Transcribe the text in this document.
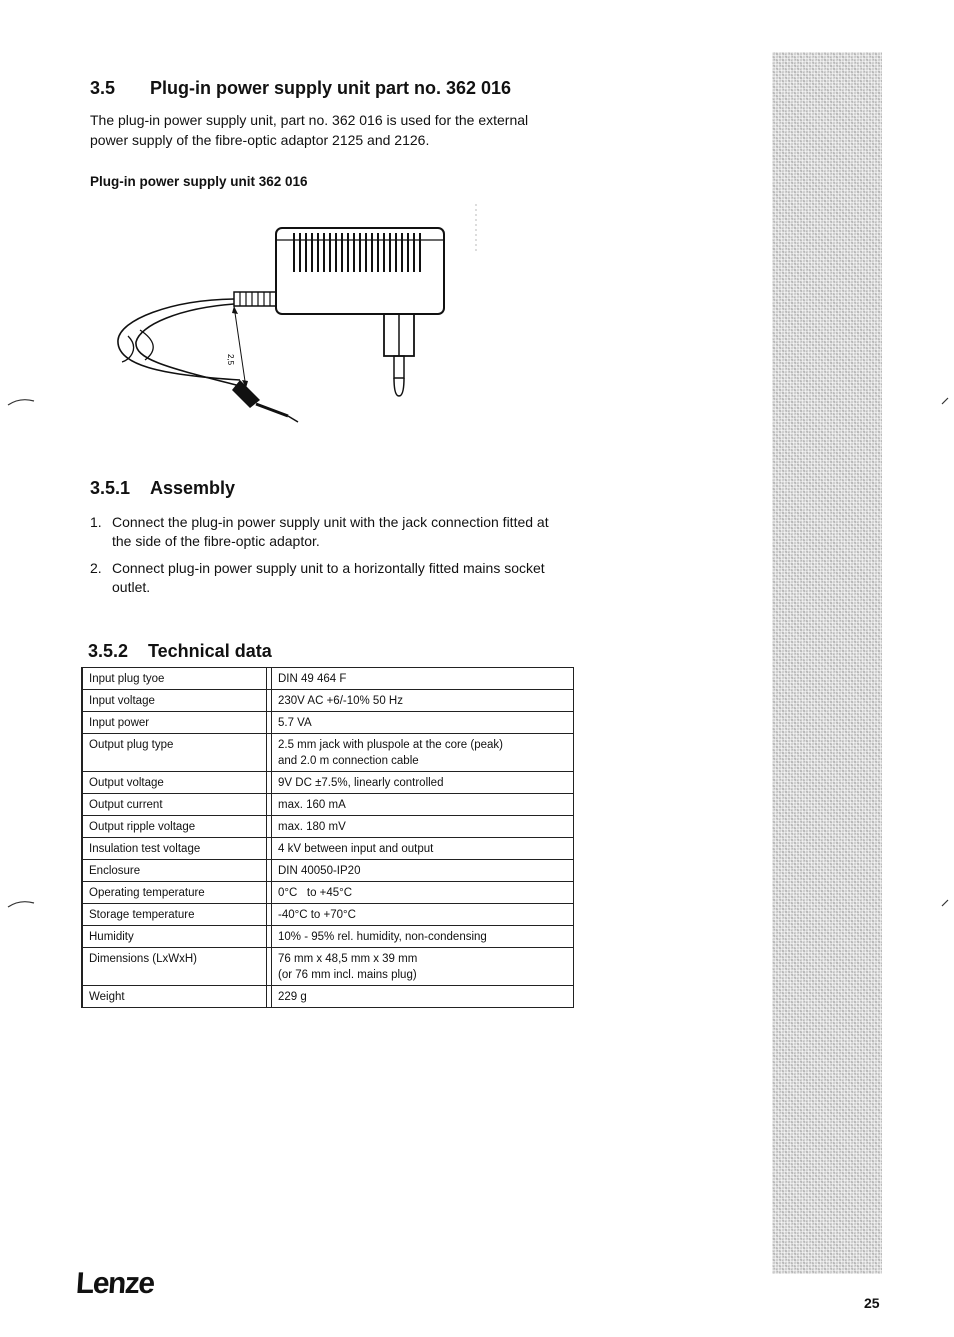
3.5 Plug-in power supply unit part no. 362 016
The plug-in power supply unit, part no. 362 016 is used for the external power supply of the fibre-optic adaptor 2125 and 2126.
Plug-in power supply unit 362 016
2,5
3.5.1 Assembly
1. Connect the plug-in power supply unit with the jack connection fitted at the side of the fibre-optic adaptor.
2. Connect plug-in power supply unit to a horizontally fitted mains socket outlet.
3.5.2 Technical data
Input plug tyoe		DIN 49 464 F
Input voltage		230V AC +6/-10% 50 Hz
Input power		5.7 VA
Output plug type		2.5 mm jack with pluspole at the core (peak)
and 2.0 m connection cable

Output voltage		9V DC ±7.5%, linearly controlled
Output current		max. 160 mA
Output ripple voltage		max. 180 mV
Insulation test voltage		4 kV between input and output
Enclosure		DIN 40050-IP20
Operating temperature		0°C   to +45°C
Storage temperature		-40°C to +70°C
Humidity		10% - 95% rel. humidity, non-condensing
Dimensions (LxWxH)		76 mm x 48,5 mm x 39 mm
(or 76 mm incl. mains plug)

Weight		229 g
Lenze
25
